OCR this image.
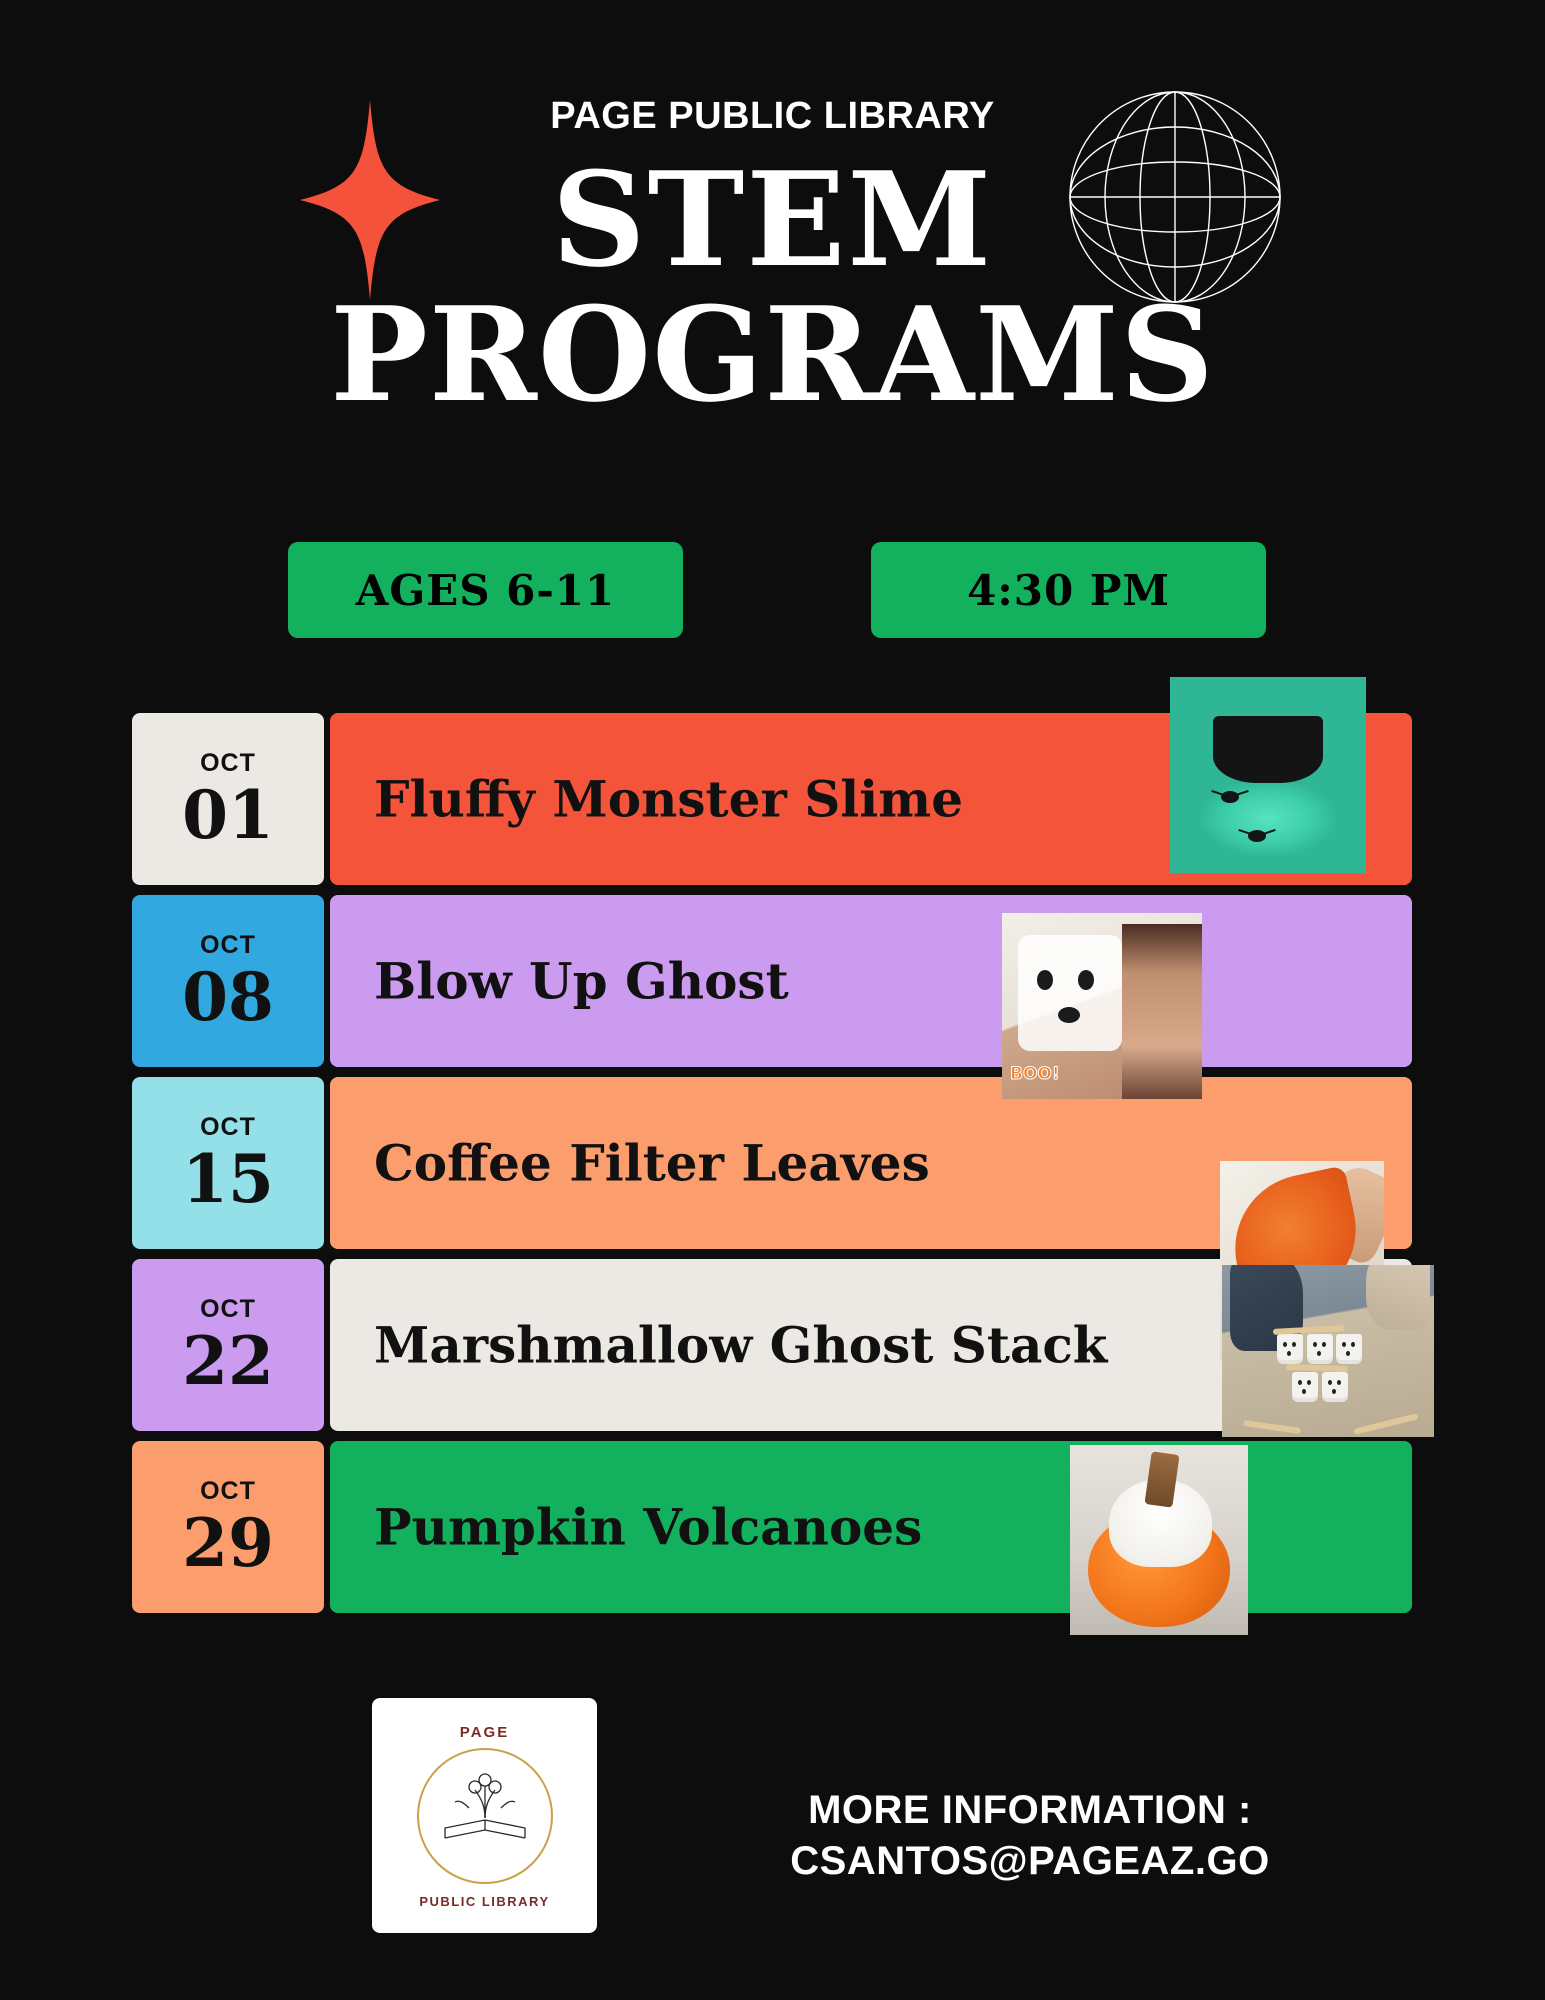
PAGE PUBLIC LIBRARY
STEM
PROGRAMS
AGES 6-11	4:30 PM
OCT
01 Fluffy Monster Slime
OCT
08 Blow Up Ghost
BOO!
OCT
15 Coffee Filter Leaves
OCT
22 Marshmallow Ghost Stack
OCT
29 Pumpkin Volcanoes
PAGE
PUBLIC LIBRARY
MORE INFORMATION :
CSANTOS@PAGEAZ.GO
